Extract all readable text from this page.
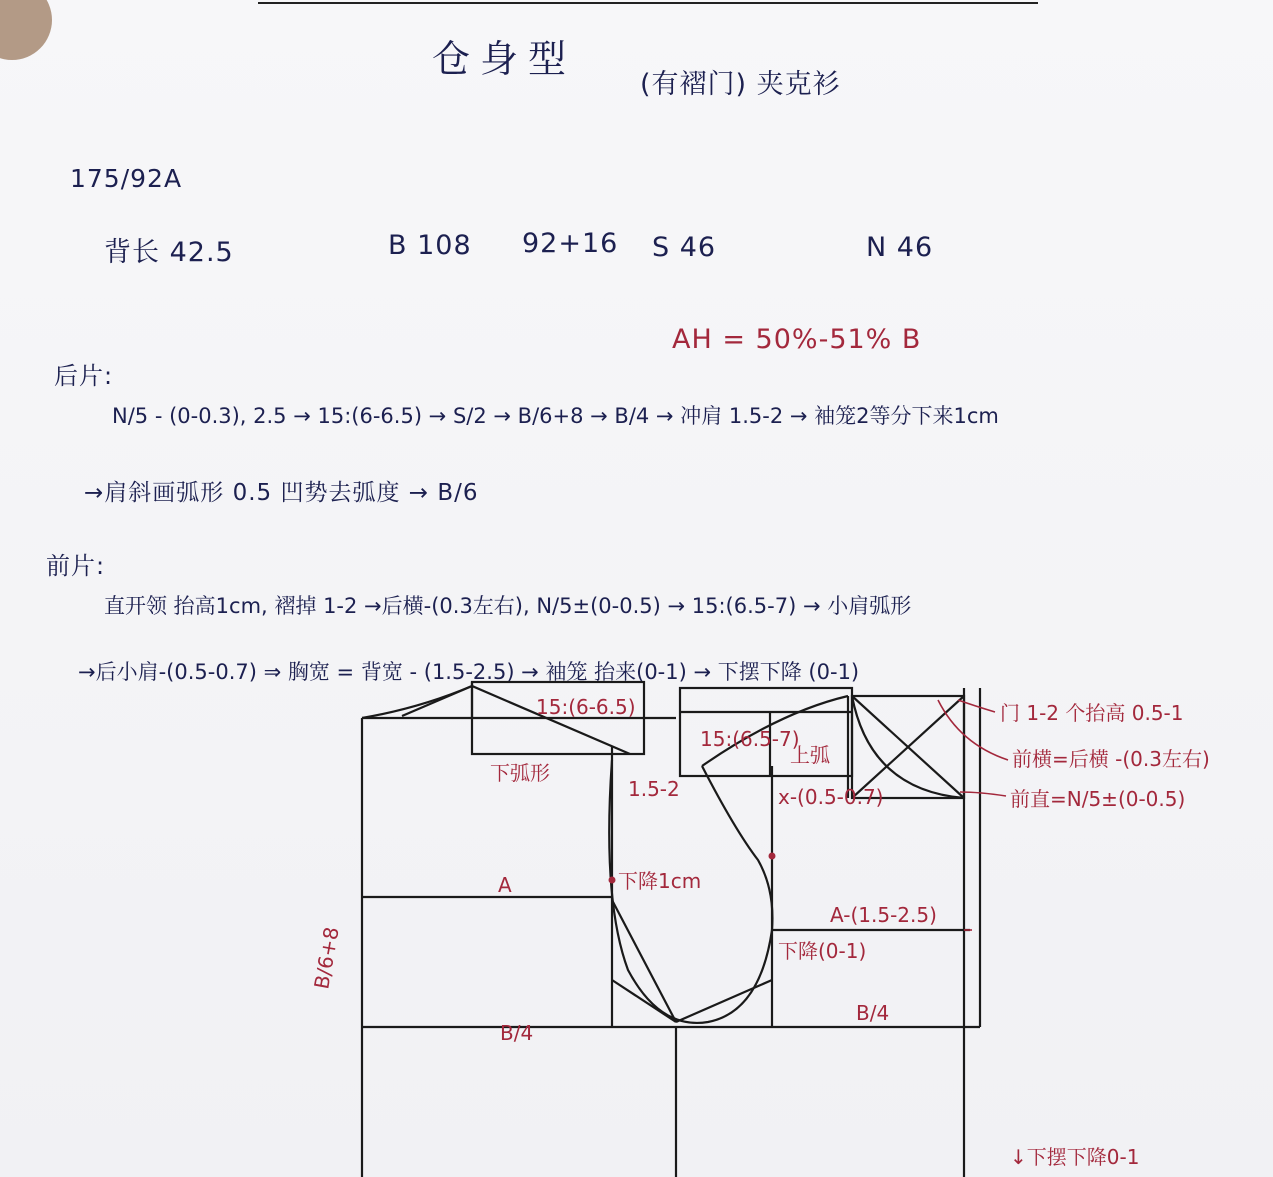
仓身型
(有褶门) 夹克衫
175/92A
背长 42.5	B 108 92+16 S 46	N 46
AH = 50%-51% B
后片:
N/5 - (0-0.3), 2.5 → 15:(6-6.5) → S/2 → B/6+8 → B/4 → 冲肩 1.5-2 → 袖笼2等分下来1cm
→肩斜画弧形 0.5 凹势去弧度 → B/6
前片:
直开领 抬高1cm, 褶掉 1-2 →后横-(0.3左右), N/5±(0-0.5) → 15:(6.5-7) → 小肩弧形
→后小肩-(0.5-0.7) ⇒ 胸宽 = 背宽 - (1.5-2.5) → 袖笼 抬来(0-1) → 下摆下降 (0-1)
15:(6-6.5)
下弧形
1.5-2
15:(6.5-7)
上弧
x-(0.5-0.7)
下降1cm
A
A-(1.5-2.5)
下降(0-1)
B/6+8
B/4
B/4
门 1-2 个抬高 0.5-1
前横=后横 -(0.3左右)
前直=N/5±(0-0.5)
↓下摆下降0-1
